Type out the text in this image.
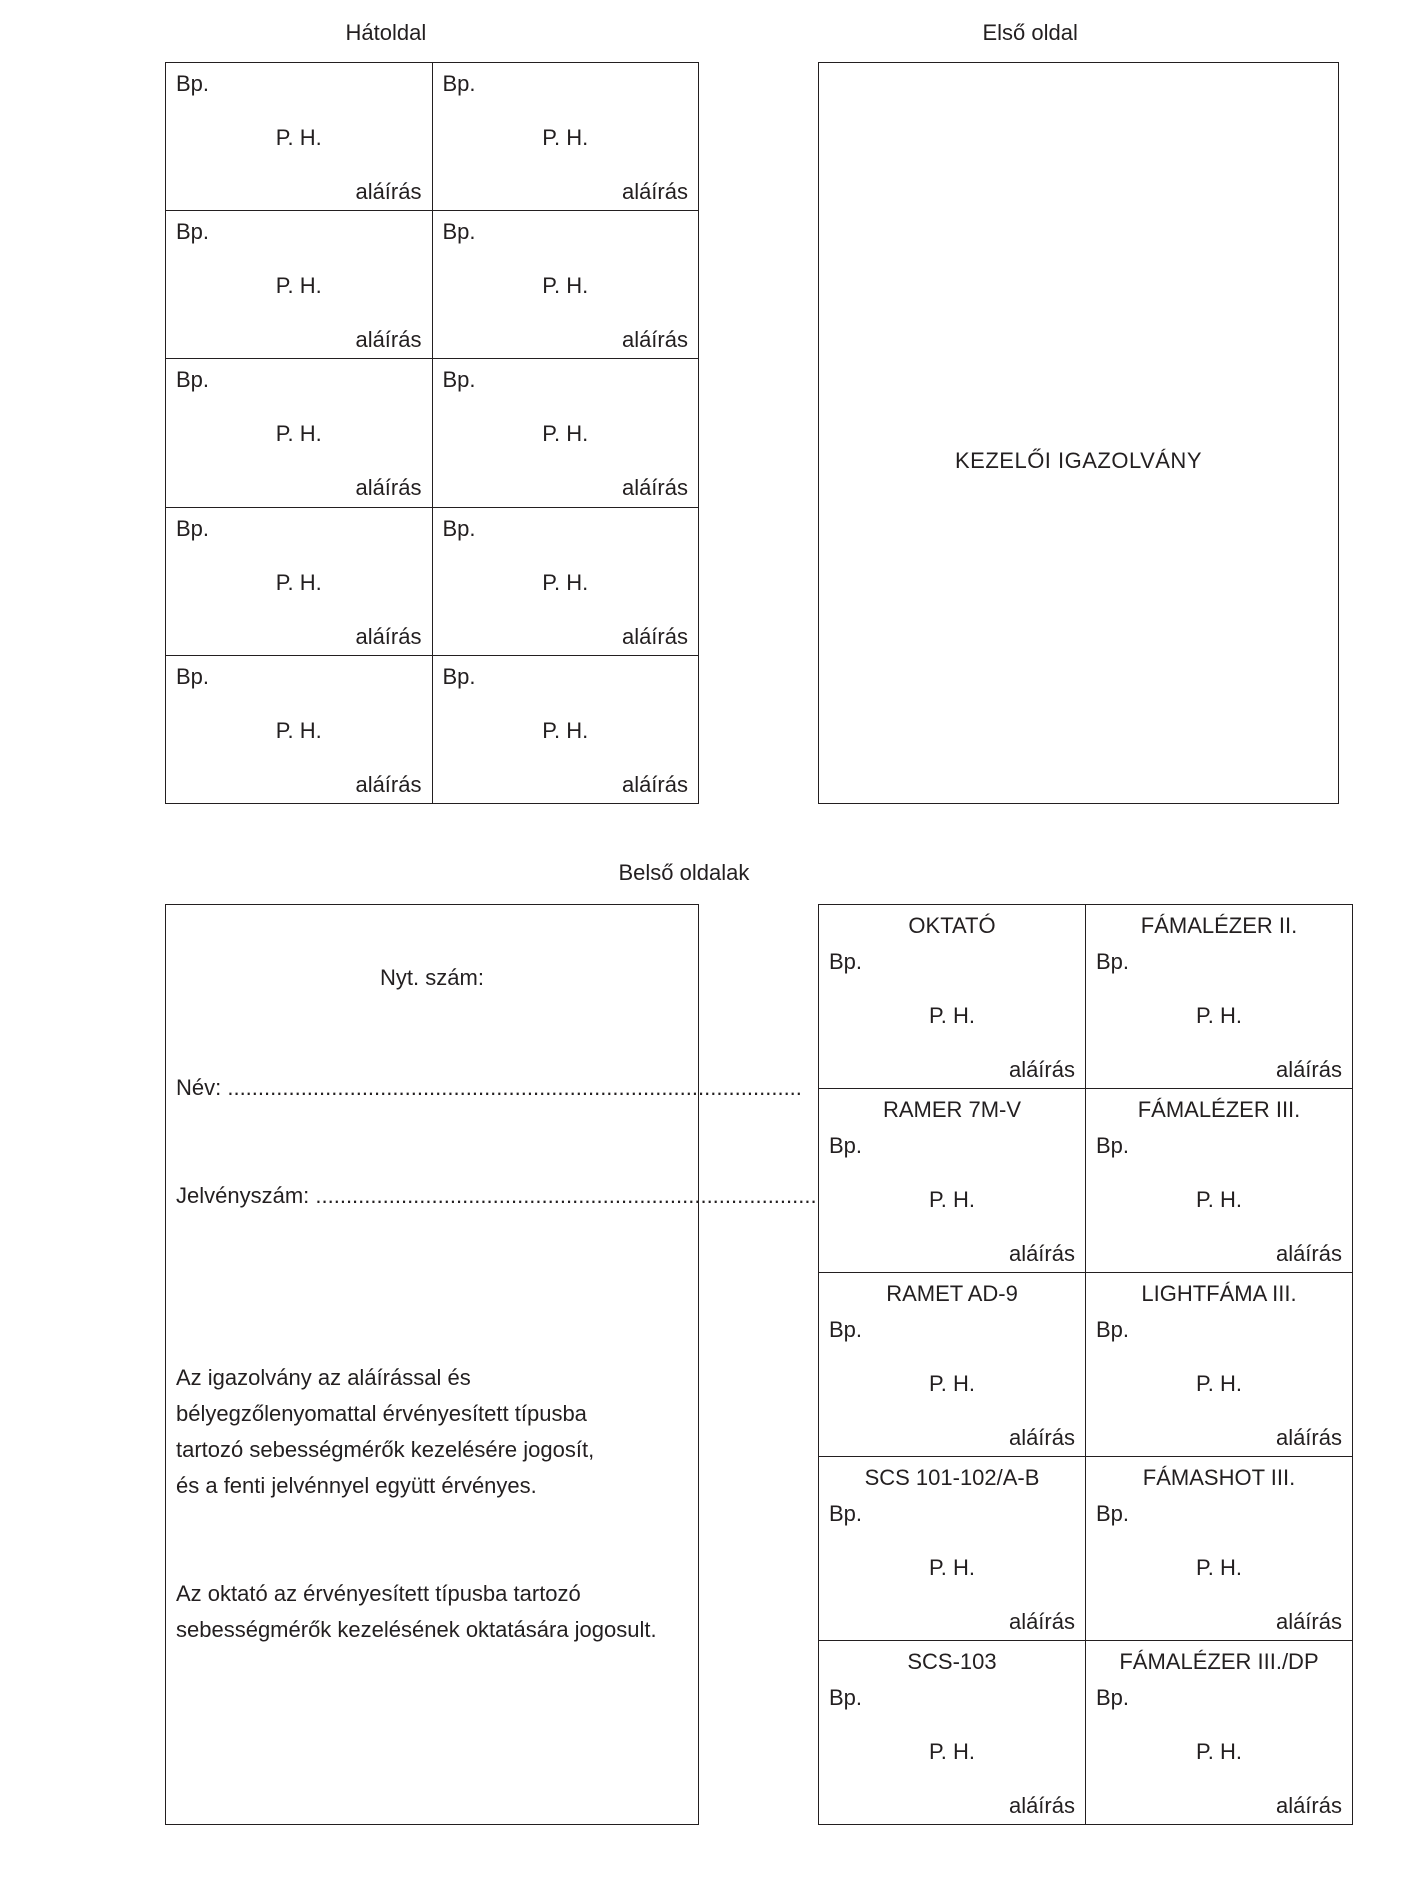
Hátoldal	Első oldal
Belső oldalak
Bp.
P. H.
aláírás
Bp.
P. H.
aláírás
Bp.
P. H.
aláírás
Bp.
P. H.
aláírás
Bp.
P. H.
aláírás
Bp.
P. H.
aláírás
Bp.
P. H.
aláírás
Bp.
P. H.
aláírás
Bp.
P. H.
aláírás
Bp.
P. H.
aláírás
KEZELŐI IGAZOLVÁNY
Nyt. szám:
Név: ..............................................................................................
Jelvényszám: ..................................................................................
Az igazolvány az aláírással és
bélyegzőlenyomattal érvényesített típusba
tartozó sebességmérők kezelésére jogosít,
és a fenti jelvénnyel együtt érvényes.
Az oktató az érvényesített típusba tartozó
sebességmérők kezelésének oktatására jogosult.
OKTATÓ
Bp.
P. H.
aláírás
FÁMALÉZER II.
Bp.
P. H.
aláírás
RAMER 7M-V
Bp.
P. H.
aláírás
FÁMALÉZER III.
Bp.
P. H.
aláírás
RAMET AD-9
Bp.
P. H.
aláírás
LIGHTFÁMA III.
Bp.
P. H.
aláírás
SCS 101-102/A-B
Bp.
P. H.
aláírás
FÁMASHOT III.
Bp.
P. H.
aláírás
SCS-103
Bp.
P. H.
aláírás
FÁMALÉZER III./DP
Bp.
P. H.
aláírás
